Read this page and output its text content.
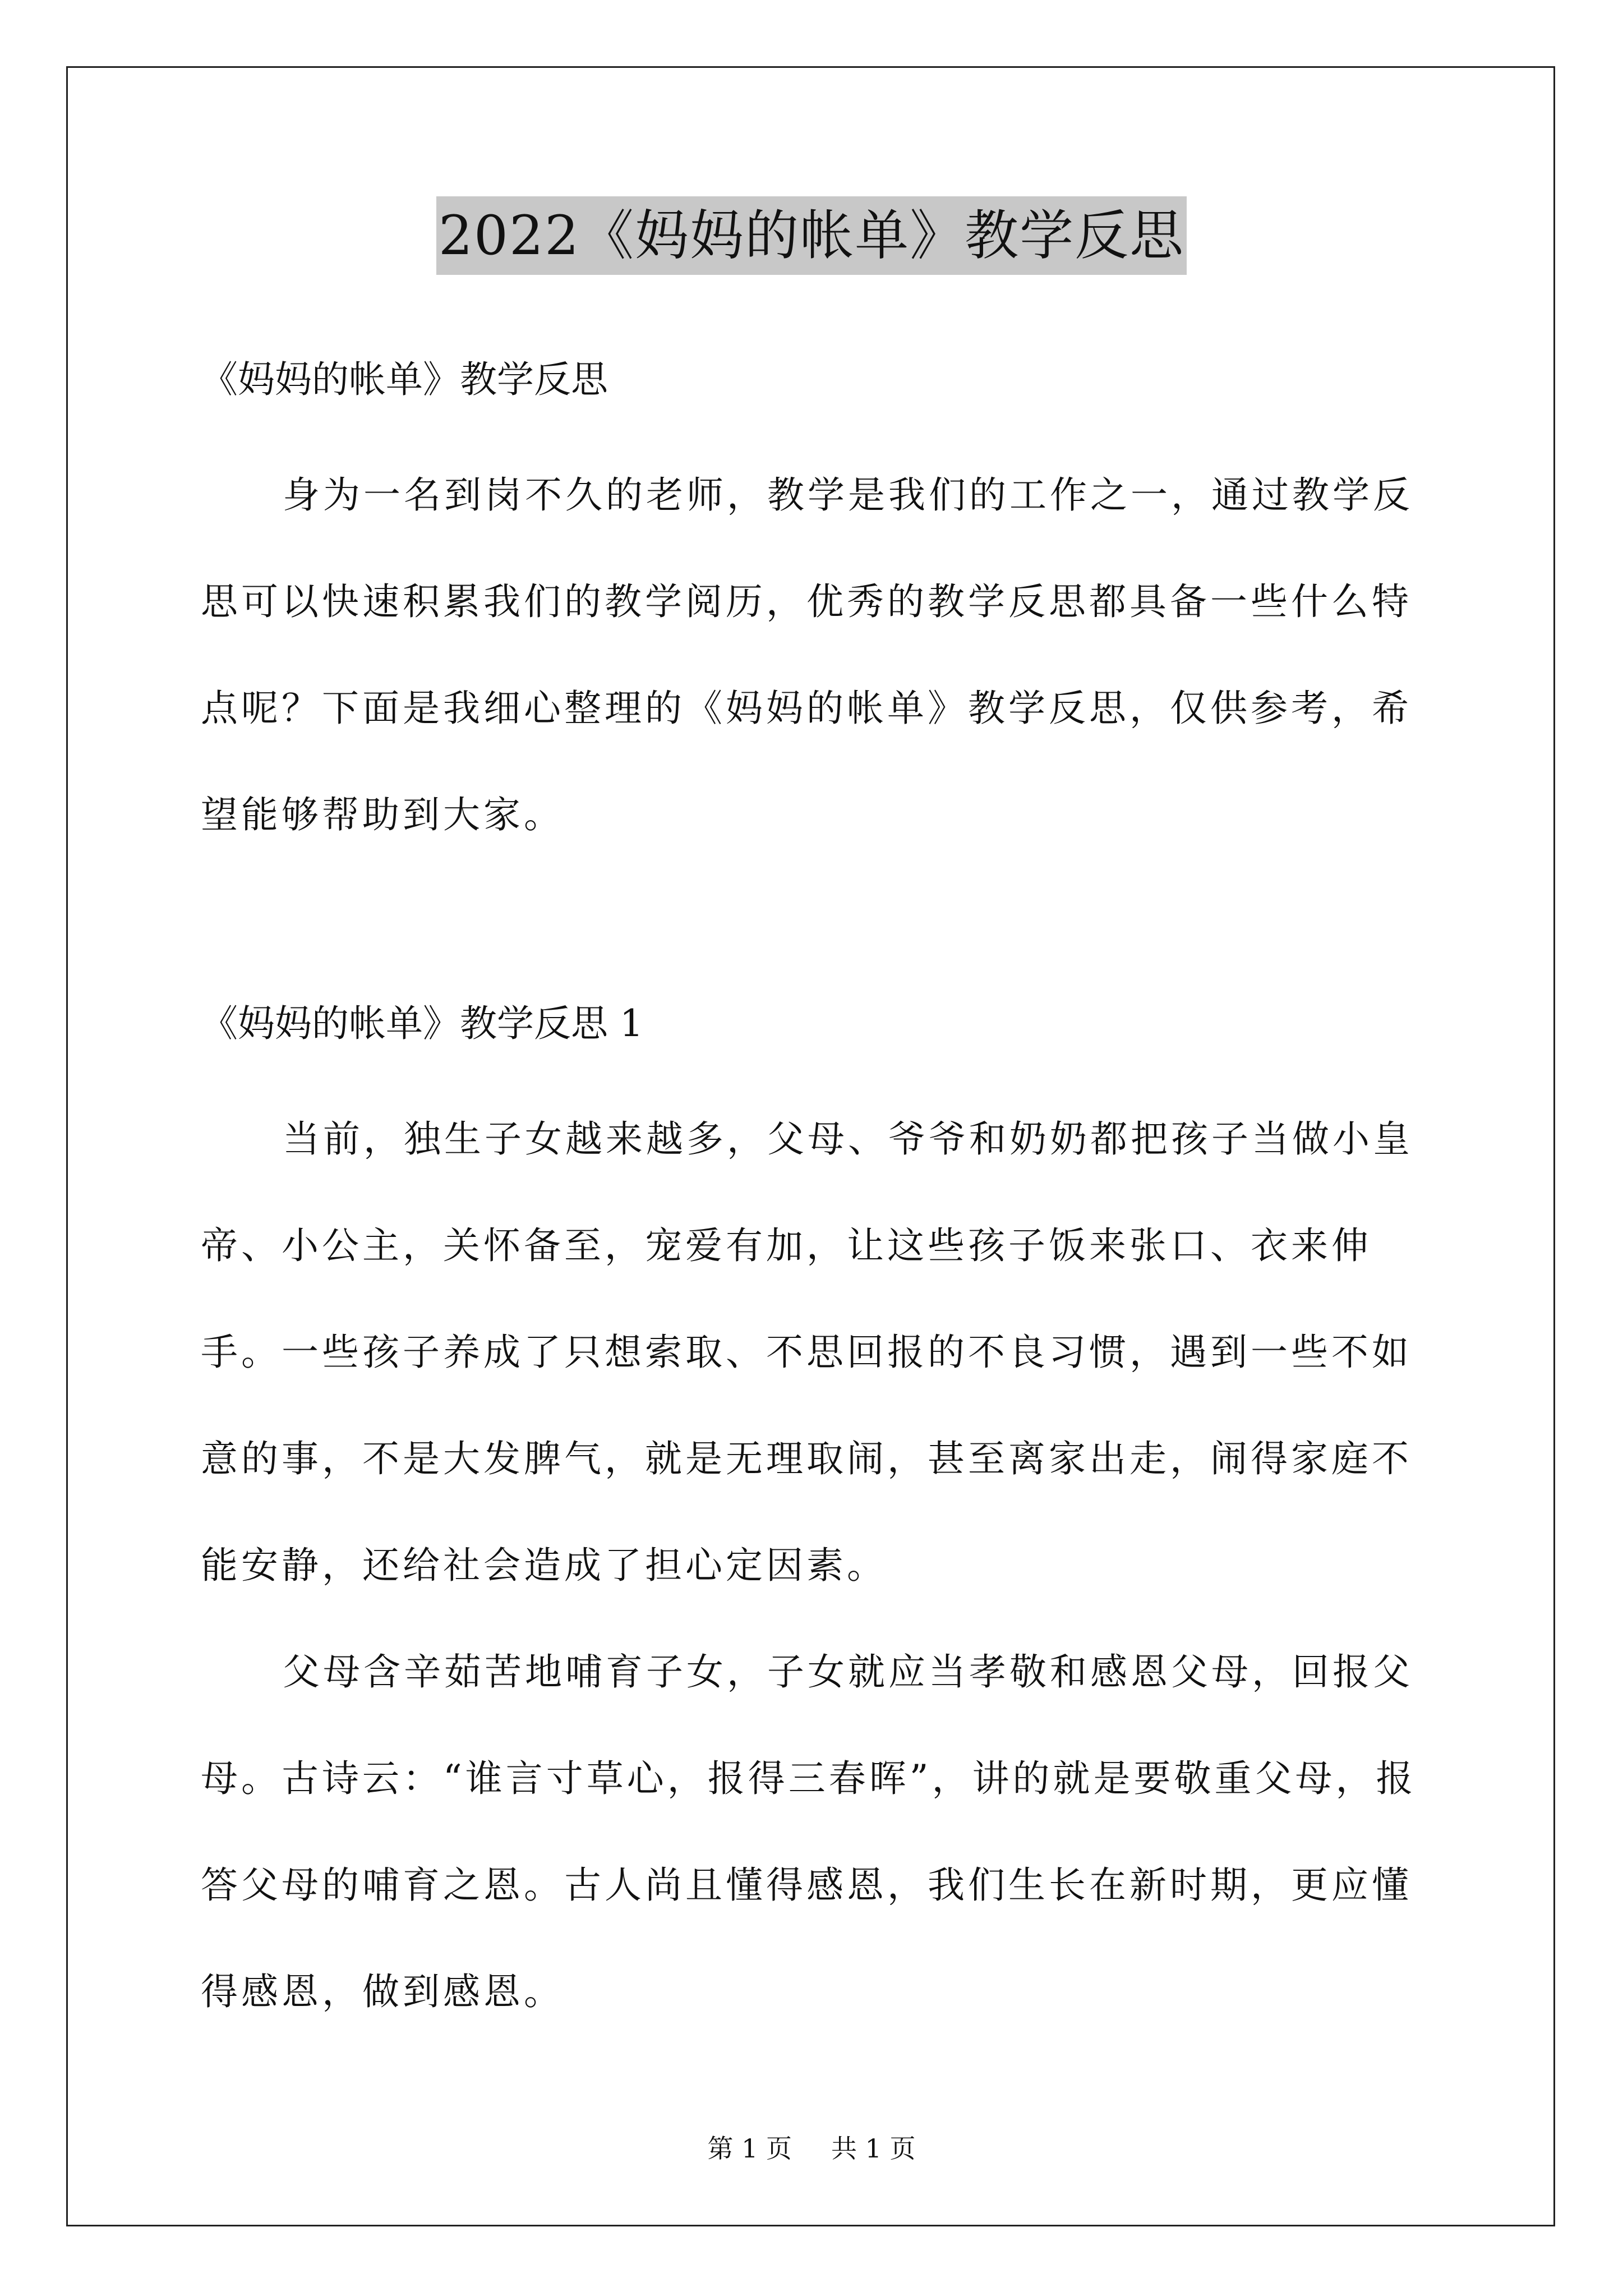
2022《妈妈的帐单》教学反思

《妈妈的帐单》教学反思

身为一名到岗不久的老师，教学是我们的工作之一，通过教学反思可以快速积累我们的教学阅历，优秀的教学反思都具备一些什么特点呢？下面是我细心整理的《妈妈的帐单》教学反思，仅供参考，希望能够帮助到大家。

《妈妈的帐单》教学反思 1

当前，独生子女越来越多，父母、爷爷和奶奶都把孩子当做小皇帝、小公主，关怀备至，宠爱有加，让这些孩子饭来张口、衣来伸手。一些孩子养成了只想索取、不思回报的不良习惯，遇到一些不如意的事，不是大发脾气，就是无理取闹，甚至离家出走，闹得家庭不能安静，还给社会造成了担心定因素。

父母含辛茹苦地哺育子女，子女就应当孝敬和感恩父母，回报父母。古诗云：“谁言寸草心，报得三春晖”，讲的就是要敬重父母，报答父母的哺育之恩。古人尚且懂得感恩，我们生长在新时期，更应懂得感恩，做到感恩。

第 1 页 共 1 页
